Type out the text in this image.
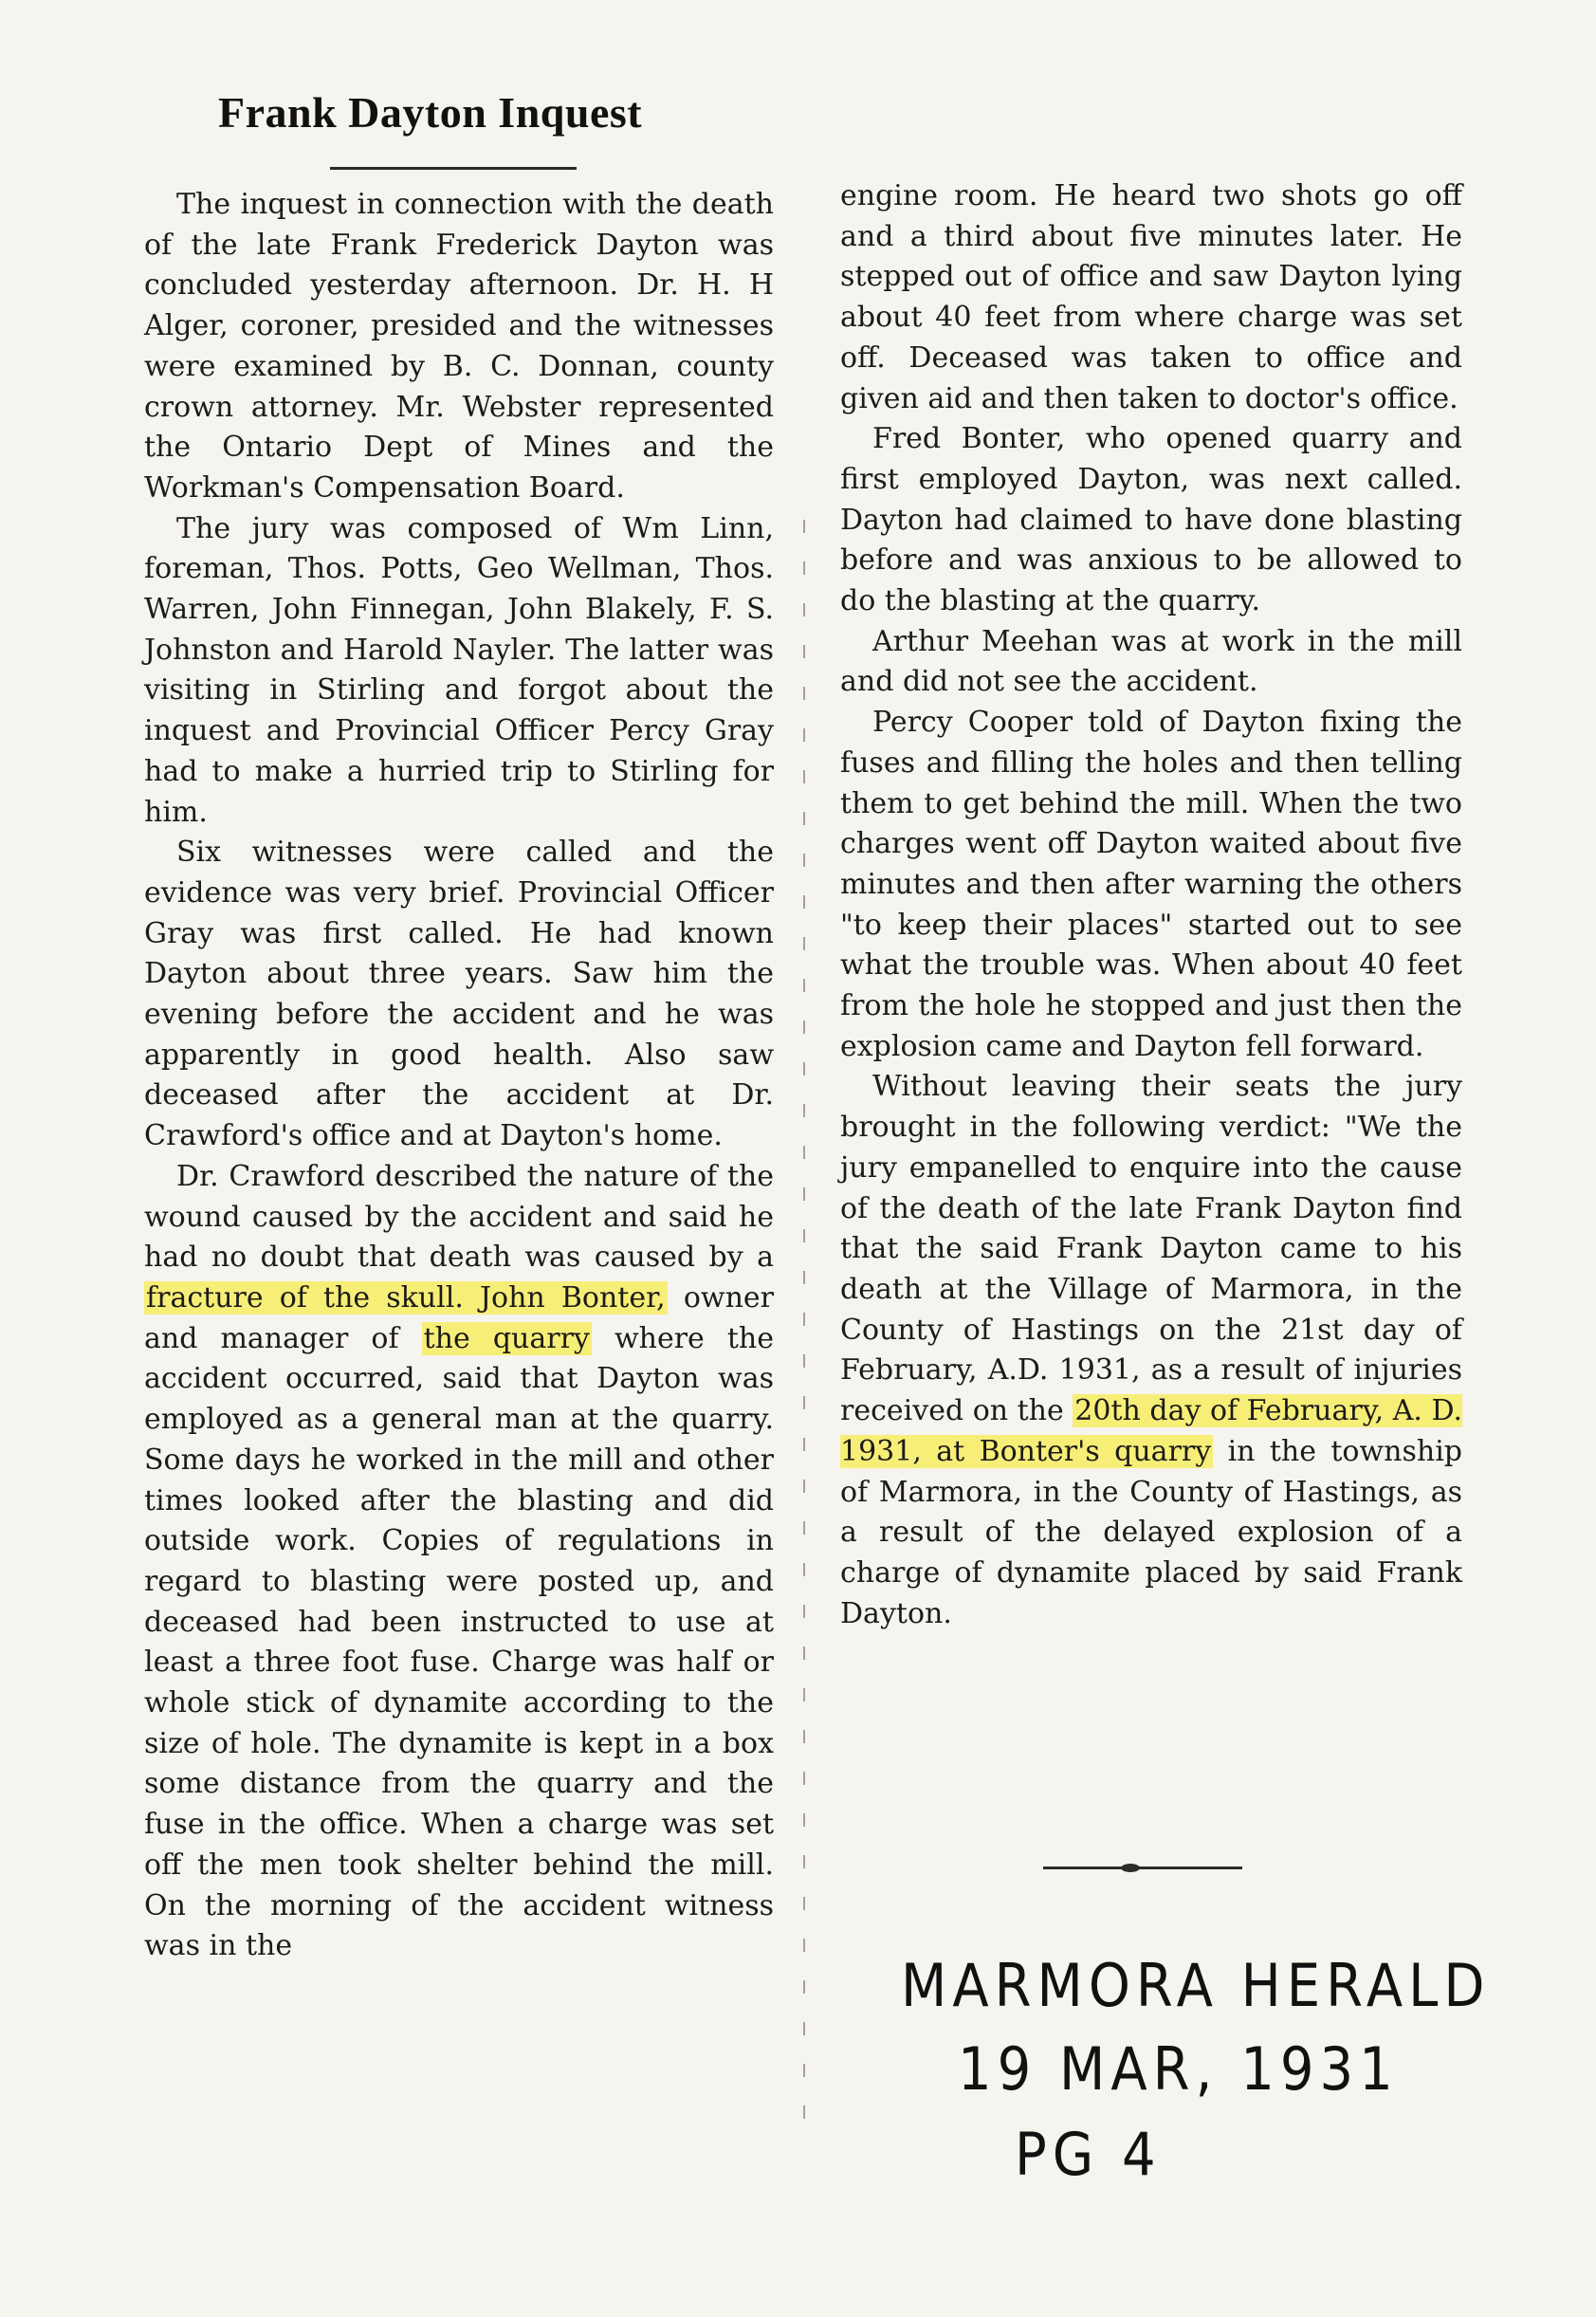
Frank Dayton Inquest

The inquest in connection with the death of the late Frank Frederick Dayton was concluded yesterday afternoon. Dr. H. H Alger, coroner, presided and the witnesses were examined by B. C. Donnan, county crown attorney. Mr. Webster represented the Ontario Dept of Mines and the Workman's Compensation Board.

The jury was composed of Wm Linn, foreman, Thos. Potts, Geo Wellman, Thos. Warren, John Finnegan, John Blakely, F. S. Johnston and Harold Nayler. The latter was visiting in Stirling and forgot about the inquest and Provincial Officer Percy Gray had to make a hurried trip to Stirling for him.

Six witnesses were called and the evidence was very brief. Provincial Officer Gray was first called. He had known Dayton about three years. Saw him the evening before the accident and he was apparently in good health. Also saw deceased after the accident at Dr. Crawford's office and at Dayton's home.

Dr. Crawford described the nature of the wound caused by the accident and said he had no doubt that death was caused by a fracture of the skull. John Bonter, owner and manager of the quarry where the accident occurred, said that Dayton was employed as a general man at the quarry. Some days he worked in the mill and other times looked after the blasting and did outside work. Copies of regulations in regard to blasting were posted up, and deceased had been instructed to use at least a three foot fuse. Charge was half or whole stick of dynamite according to the size of hole. The dynamite is kept in a box some distance from the quarry and the fuse in the office. When a charge was set off the men took shelter behind the mill. On the morning of the accident witness was in the

engine room. He heard two shots go off and a third about five minutes later. He stepped out of office and saw Dayton lying about 40 feet from where charge was set off. Deceased was taken to office and given aid and then taken to doctor's office.

Fred Bonter, who opened quarry and first employed Dayton, was next called. Dayton had claimed to have done blasting before and was anxious to be allowed to do the blasting at the quarry.

Arthur Meehan was at work in the mill and did not see the accident.

Percy Cooper told of Dayton fixing the fuses and filling the holes and then telling them to get behind the mill. When the two charges went off Dayton waited about five minutes and then after warning the others "to keep their places" started out to see what the trouble was. When about 40 feet from the hole he stopped and just then the explosion came and Dayton fell forward.

Without leaving their seats the jury brought in the following verdict: "We the jury empanelled to enquire into the cause of the death of the late Frank Dayton find that the said Frank Dayton came to his death at the Village of Marmora, in the County of Hastings on the 21st day of February, A.D. 1931, as a result of injuries received on the 20th day of February, A. D. 1931, at Bonter's quarry in the township of Marmora, in the County of Hastings, as a result of the delayed explosion of a charge of dynamite placed by said Frank Dayton.

MARMORA HERALD
19 MAR, 1931
PG 4
